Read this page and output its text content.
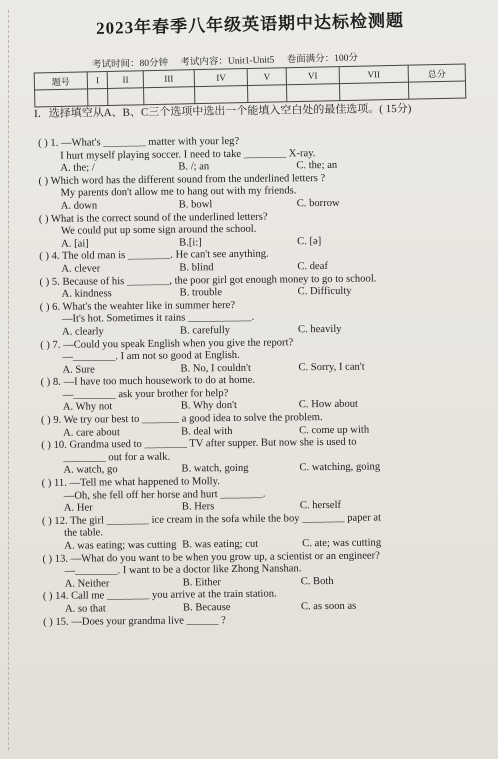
2023年春季八年级英语期中达标检测题
考试时间：80分钟 考试内容：Unit1-Unit5 卷面满分：100分
题号	I	II	III	IV	V	VI	VII	总分

I．选择填空从A、B、C三个选项中选出一个能填入空白处的最佳选项。( 15分)
( ) 1. —What's ________ matter with your leg?
I hurt myself playing soccer. I need to take ________ X-ray.
A. the; /	B. /; an	C. the; an
( ) Which word has the different sound from the underlined letters ?
My parents don't allow me to hang out with my friends.
A. down	B. bowl	C. borrow
( ) What is the correct sound of the underlined letters?
We could put up some sign around the school.
A. [ai]	B.[i:]	C. [ə]
( ) 4. The old man is ________. He can't see anything.
A. clever	B. blind	C. deaf
( ) 5. Because of his ________, the poor girl got enough money to go to school.
A. kindness	B. trouble	C. Difficulty
( ) 6. What's the weahter like in summer here?
—It's hot. Sometimes it rains ____________.
A. clearly	B. carefully	C. heavily
( ) 7. —Could you speak English when you give the report?
—________. I am not so good at English.
A. Sure	B. No, I couldn't	C. Sorry, I can't
( ) 8. —I have too much housework to do at home.
—________ ask your brother for help?
A. Why not	B. Why don't	C. How about
( ) 9. We try our best to _______ a good idea to solve the problem.
A. care about	B. deal with	C. come up with
( ) 10. Grandma used to ________ TV after supper. But now she is used to
________ out for a walk.
A. watch, go	B. watch, going	C. watching, going
( ) 11. —Tell me what happened to Molly.
—Oh, she fell off her horse and hurt ________.
A. Her	B. Hers	C. herself
( ) 12. The girl ________ ice cream in the sofa while the boy ________ paper at
the table.
A. was eating; was cutting B. was eating; cut	C. ate; was cutting
( ) 13. —What do you want to be when you grow up, a scientist or an engineer?
—________. I want to be a doctor like Zhong Nanshan.
A. Neither	B. Either	C. Both
( ) 14. Call me ________ you arrive at the train station.
A. so that	B. Because	C. as soon as
( ) 15. —Does your grandma live ______ ?
